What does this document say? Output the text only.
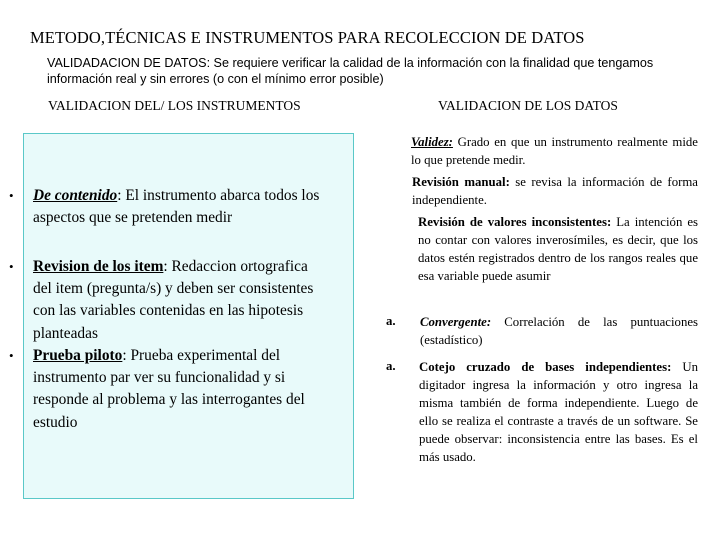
METODO,TÉCNICAS E INSTRUMENTOS PARA RECOLECCION DE DATOS
VALIDADACION DE DATOS: Se requiere verificar la calidad de la información con la finalidad que tengamos información real y sin errores (o con el mínimo error posible)
VALIDACION DEL/ LOS INSTRUMENTOS	VALIDACION DE LOS DATOS
• De contenido: El instrumento abarca todos los aspectos que se pretenden medir
• Revision de los item: Redaccion ortografica del item (pregunta/s) y deben ser consistentes con las variables contenidas en las hipotesis planteadas
• Prueba piloto: Prueba experimental del instrumento par ver su funcionalidad y si responde al problema y las interrogantes del estudio
Validez: Grado en que un instrumento realmente mide lo que pretende medir.
Revisión manual: se revisa la información de forma independiente.
Revisión de valores inconsistentes: La intención es no contar con valores inverosímiles, es decir, que los datos estén registrados dentro de los rangos reales que esa variable puede asumir
a. Convergente: Correlación de las puntuaciones (estadístico)
a. Cotejo cruzado de bases independientes: Un digitador ingresa la información y otro ingresa la misma también de forma independiente. Luego de ello se realiza el contraste a través de un software. Se puede observar: inconsistencia entre las bases. Es el más usado.
